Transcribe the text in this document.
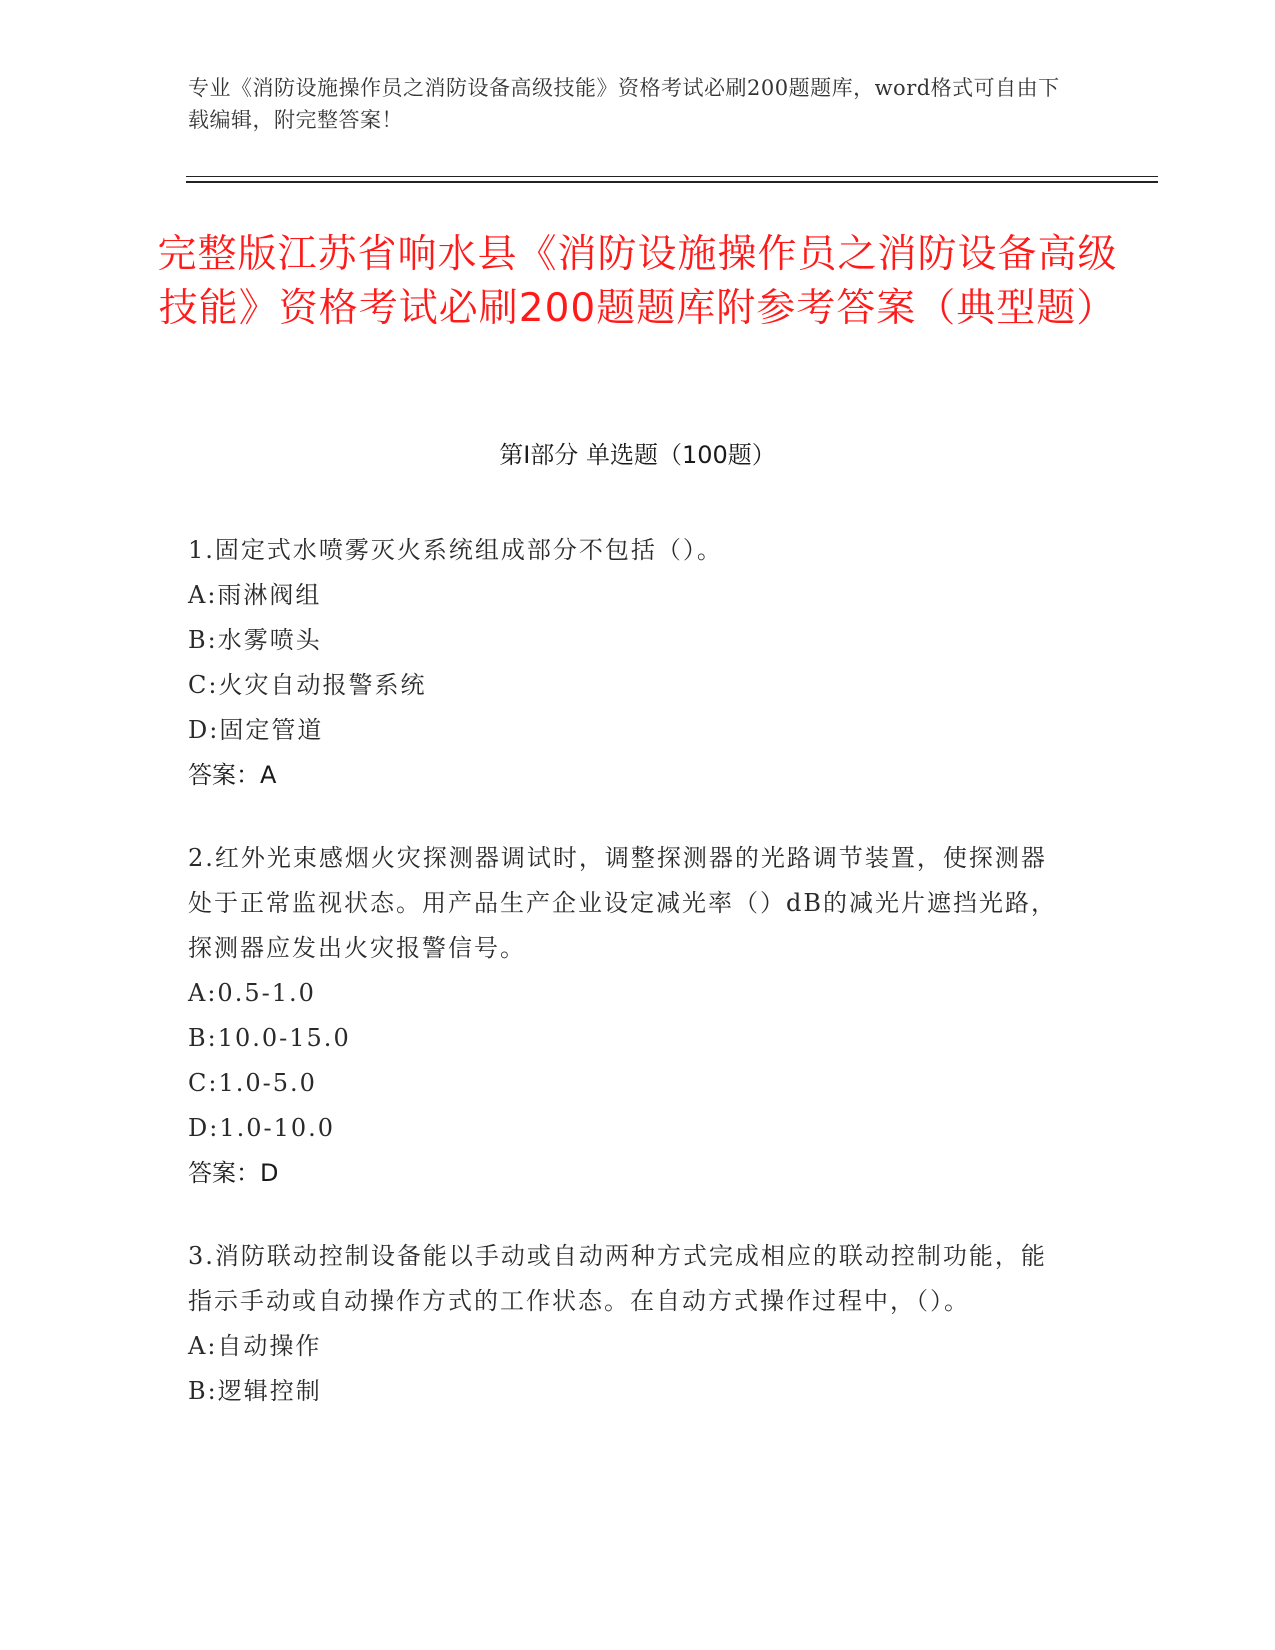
专业《消防设施操作员之消防设备高级技能》资格考试必刷200题题库，word格式可自由下载编辑，附完整答案！
完整版江苏省响水县《消防设施操作员之消防设备高级技能》资格考试必刷200题题库附参考答案（典型题）
第Ⅰ部分 单选题（100题）

1.固定式水喷雾灭火系统组成部分不包括（）。

A:雨淋阀组

B:水雾喷头

C:火灾自动报警系统

D:固定管道

答案：A

2.红外光束感烟火灾探测器调试时，调整探测器的光路调节装置，使探测器处于正常监视状态。用产品生产企业设定减光率（）dB的减光片遮挡光路，探测器应发出火灾报警信号。

A:0.5-1.0

B:10.0-15.0

C:1.0-5.0

D:1.0-10.0

答案：D

3.消防联动控制设备能以手动或自动两种方式完成相应的联动控制功能，能指示手动或自动操作方式的工作状态。在自动方式操作过程中，（）。

A:自动操作

B:逻辑控制
